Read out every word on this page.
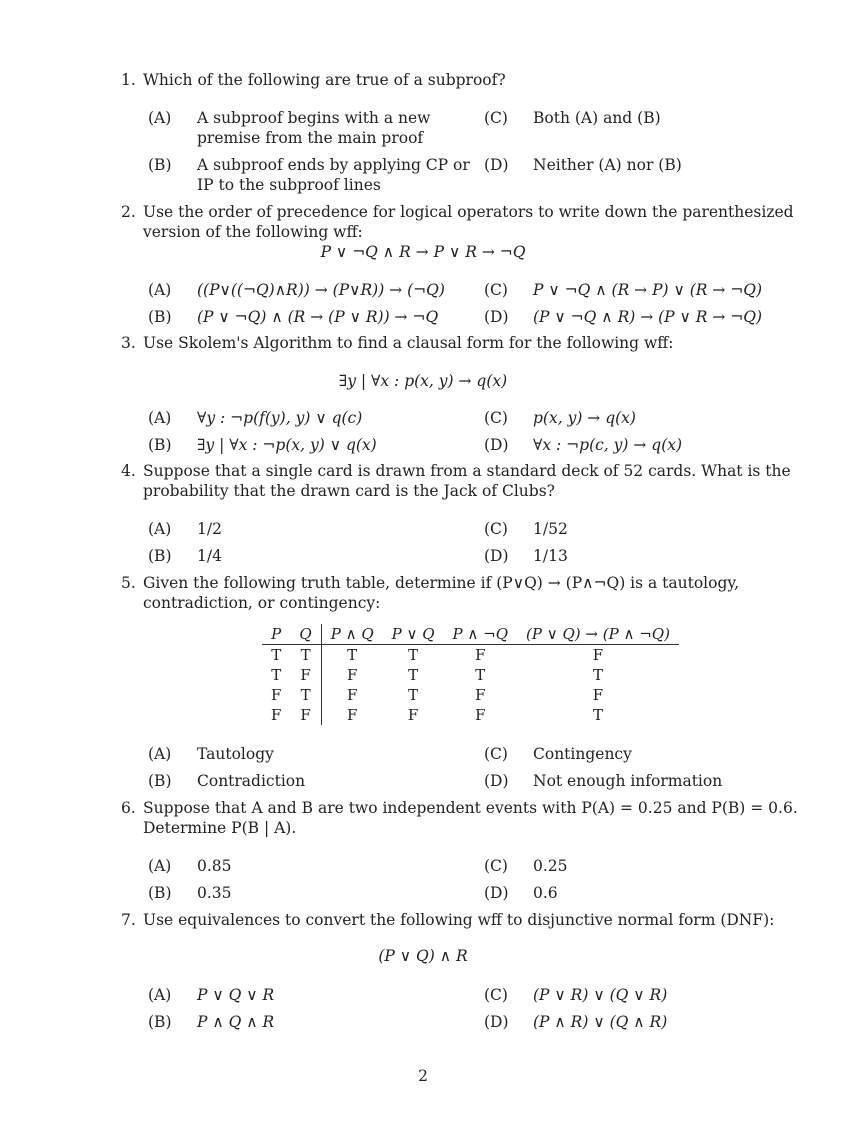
1. Which of the following are true of a subproof?
(A)	A subproof begins with a new premise from the main proof
(B)	A subproof ends by applying CP or IP to the subproof lines
(C)	Both (A) and (B)
(D)	Neither (A) nor (B)
2. Use the order of precedence for logical operators to write down the parenthesized version of the following wff:
P ∨ ¬Q ∧ R → P ∨ R → ¬Q
(A)	((P∨((¬Q)∧R)) → (P∨R)) → (¬Q)
(B)	(P ∨ ¬Q) ∧ (R → (P ∨ R)) → ¬Q
(C)	P ∨ ¬Q ∧ (R → P) ∨ (R → ¬Q)
(D)	(P ∨ ¬Q ∧ R) → (P ∨ R → ¬Q)
3. Use Skolem's Algorithm to find a clausal form for the following wff:
∃y | ∀x : p(x, y) → q(x)
(A)	∀y : ¬p(f(y), y) ∨ q(c)
(B)	∃y | ∀x : ¬p(x, y) ∨ q(x)
(C)	p(x, y) → q(x)
(D)	∀x : ¬p(c, y) → q(x)
4. Suppose that a single card is drawn from a standard deck of 52 cards. What is the probability that the drawn card is the Jack of Clubs?
(A)	1/2
(B)	1/4
(C)	1/52
(D)	1/13
5. Given the following truth table, determine if (P∨Q) → (P∧¬Q) is a tautology, contradiction, or contingency:
P	Q	P ∧ Q	P ∨ Q	P ∧ ¬Q	(P ∨ Q) → (P ∧ ¬Q)
T	T	T	T	F	F
T	F	F	T	T	T
F	T	F	T	F	F
F	F	F	F	F	T
(A)	Tautology
(B)	Contradiction
(C)	Contingency
(D)	Not enough information
6. Suppose that A and B are two independent events with P(A) = 0.25 and P(B) = 0.6. Determine P(B | A).
(A)	0.85
(B)	0.35
(C)	0.25
(D)	0.6
7. Use equivalences to convert the following wff to disjunctive normal form (DNF):
(P ∨ Q) ∧ R
(A)	P ∨ Q ∨ R
(B)	P ∧ Q ∧ R
(C)	(P ∨ R) ∨ (Q ∨ R)
(D)	(P ∧ R) ∨ (Q ∧ R)
2
